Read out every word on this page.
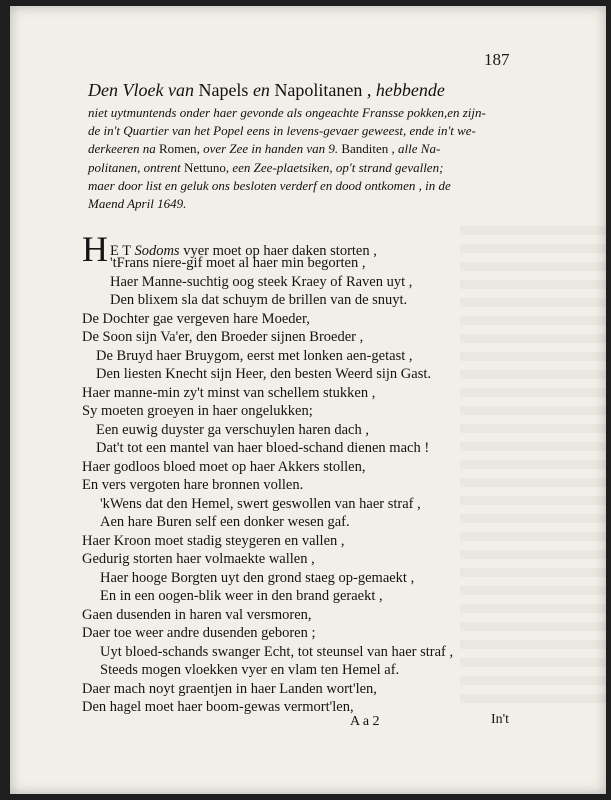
187
Den Vloek van Napels en Napolitanen , hebbende
niet uytmuntends onder haer gevonde als ongeachte Fransse pokken,en zijn-
de in't Quartier van het Popel eens in levens-gevaer geweest, ende in't we-
derkeeren na Romen, over Zee in handen van 9. Banditen , alle Na-
politanen, ontrent Nettuno, een Zee-plaetsiken, op't strand gevallen;
maer door list en geluk ons besloten verderf en dood ontkomen , in de
Maend April 1649.
H E T Sodoms vyer moet op haer daken storten ,
'tFrans niere-gif moet al haer min begorten ,
Haer Manne-suchtig oog steek Kraey of Raven uyt ,
Den blixem sla dat schuym de brillen van de snuyt.
De Dochter gae vergeven hare Moeder,
De Soon sijn Va'er, den Broeder sijnen Broeder ,
De Bruyd haer Bruygom, eerst met lonken aen-getast ,
Den liesten Knecht sijn Heer, den besten Weerd sijn Gast.
Haer manne-min zy't minst van schellem stukken ,
Sy moeten groeyen in haer ongelukken;
Een euwig duyster ga verschuylen haren dach ,
Dat't tot een mantel van haer bloed-schand dienen mach !
Haer godloos bloed moet op haer Akkers stollen,
En vers vergoten hare bronnen vollen.
'kWens dat den Hemel, swert geswollen van haer straf ,
Aen hare Buren self een donker wesen gaf.
Haer Kroon moet stadig steygeren en vallen ,
Gedurig storten haer volmaekte wallen ,
Haer hooge Borgten uyt den grond staeg op-gemaekt ,
En in een oogen-blik weer in den brand geraekt ,
Gaen dusenden in haren val versmoren,
Daer toe weer andre dusenden geboren ;
Uyt bloed-schands swanger Echt, tot steunsel van haer straf ,
Steeds mogen vloekken vyer en vlam ten Hemel af.
Daer mach noyt graentjen in haer Landen wort'len,
Den hagel moet haer boom-gewas vermort'len,
A a 2	In't
